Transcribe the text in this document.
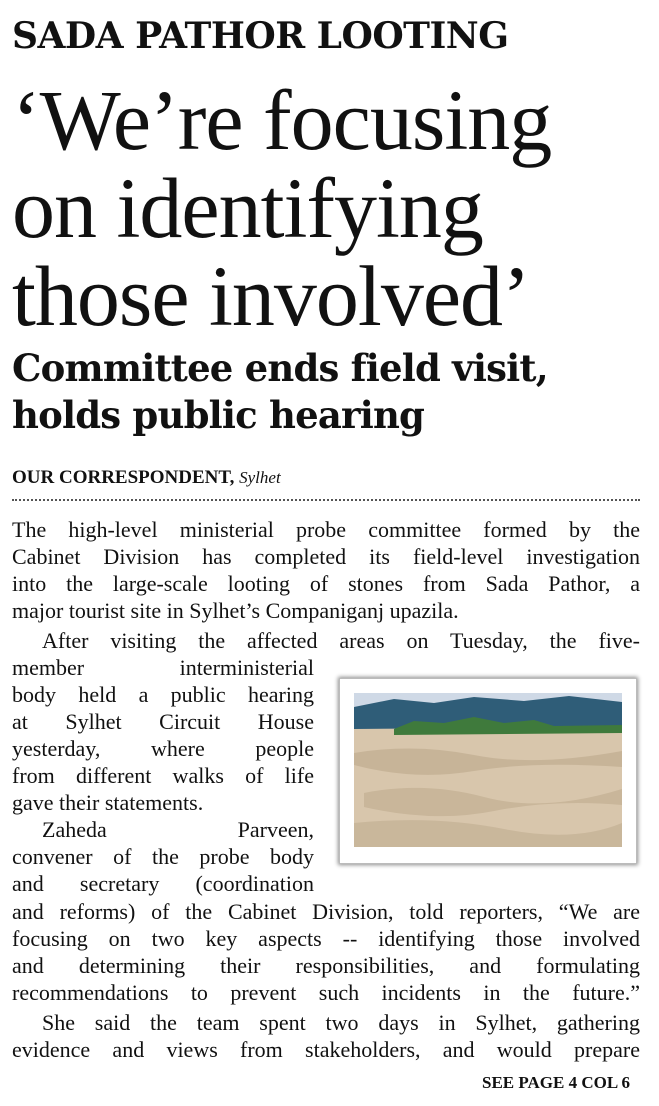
SADA PATHOR LOOTING
‘We’re focusing
on identifying
those involved’
Committee ends field visit,
holds public hearing
OUR CORRESPONDENT, Sylhet
The high-level ministerial probe committee formed by the
Cabinet Division has completed its field-level investigation
into the large-scale looting of stones from Sada Pathor, a
major tourist site in Sylhet’s Companiganj upazila.
After visiting the affected areas on Tuesday, the five-
member interministerial
body held a public hearing
at Sylhet Circuit House
yesterday, where people
from different walks of life
gave their statements.
Zaheda Parveen,
convener of the probe body
and secretary (coordination
and reforms) of the Cabinet Division, told reporters, “We are
focusing on two key aspects -- identifying those involved
and determining their responsibilities, and formulating
recommendations to prevent such incidents in the future.”
She said the team spent two days in Sylhet, gathering
evidence and views from stakeholders, and would prepare
SEE PAGE 4 COL 6
